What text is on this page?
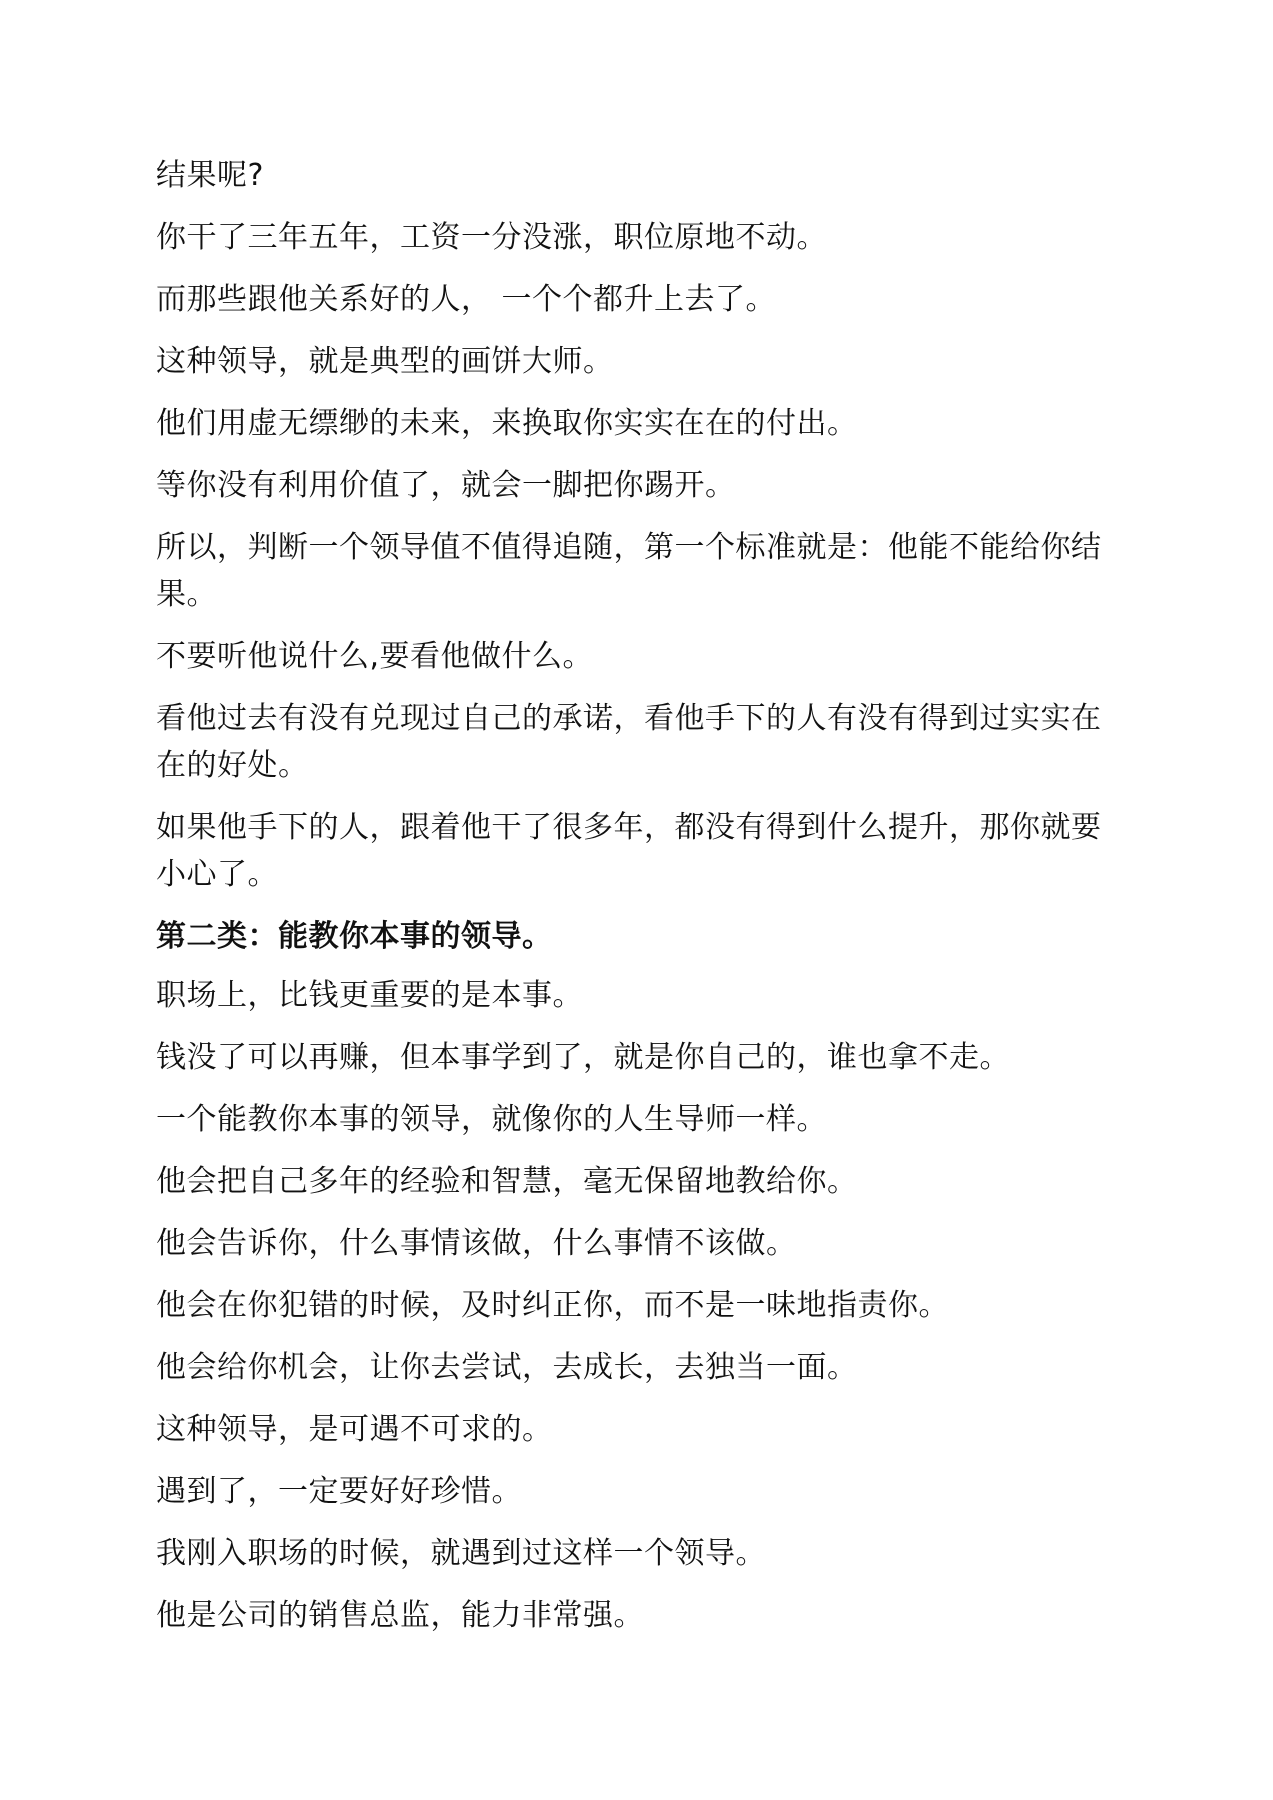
结果呢?

你干了三年五年，工资一分没涨，职位原地不动。

而那些跟他关系好的人， 一个个都升上去了。

这种领导，就是典型的画饼大师。

他们用虚无缥缈的未来，来换取你实实在在的付出。

等你没有利用价值了，就会一脚把你踢开。

所以，判断一个领导值不值得追随，第一个标准就是：他能不能给你结果。

不要听他说什么,要看他做什么。

看他过去有没有兑现过自己的承诺，看他手下的人有没有得到过实实在在的好处。

如果他手下的人，跟着他干了很多年，都没有得到什么提升，那你就要小心了。

第二类：能教你本事的领导。

职场上，比钱更重要的是本事。

钱没了可以再赚，但本事学到了，就是你自己的，谁也拿不走。

一个能教你本事的领导，就像你的人生导师一样。

他会把自己多年的经验和智慧，毫无保留地教给你。

他会告诉你，什么事情该做，什么事情不该做。

他会在你犯错的时候，及时纠正你，而不是一味地指责你。

他会给你机会，让你去尝试，去成长，去独当一面。

这种领导，是可遇不可求的。

遇到了，一定要好好珍惜。

我刚入职场的时候，就遇到过这样一个领导。

他是公司的销售总监，能力非常强。
